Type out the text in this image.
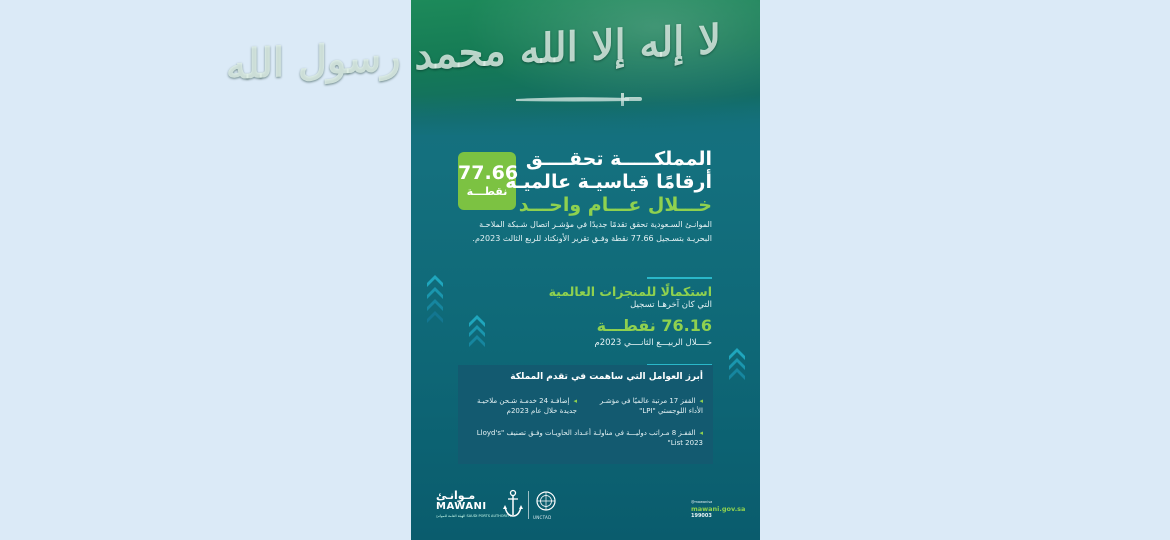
لا إله إلا الله محمد رسول الله
77.66
نقطـــة
المملكـــــة تحقــــق
أرقامًا قياسيـة عالميـة
خـــلال عـــام واحـــد
الموانـئ السـعودية تحقق تقدمًا جديدًا في مؤشـر اتصال شـبكة الملاحـة البحريـة بتسـجيل 77.66 نقطة وفـق تقرير الأونكتاد للربع الثالث 2023م.
استكمالًا للمنجزات العالمية
التي كان آخرهـا تسجيل
76.16 نقطـــة
خــــلال الربيـــع الثانــــي 2023م
أبرز العوامل التي ساهمت في تقدم المملكة
◂القفز 17 مرتبة عالميًا في مؤشـر الأداء اللوجستي "LPI"
◂إضافـة 24 خدمـة شـحن ملاحيـة جديدة خلال عام 2023م
◂القفـز 8 مـراتب دوليـــة في مناولـة أعـداد الحاويـات وفـق تصنيف "Lloyd's List 2023"
مـوانـئ
MAWANI
الهيئة العامة للموانئ SAUDI PORTS AUTHORITY	UNCTAD
@mawanisa
mawani.gov.sa
199003
